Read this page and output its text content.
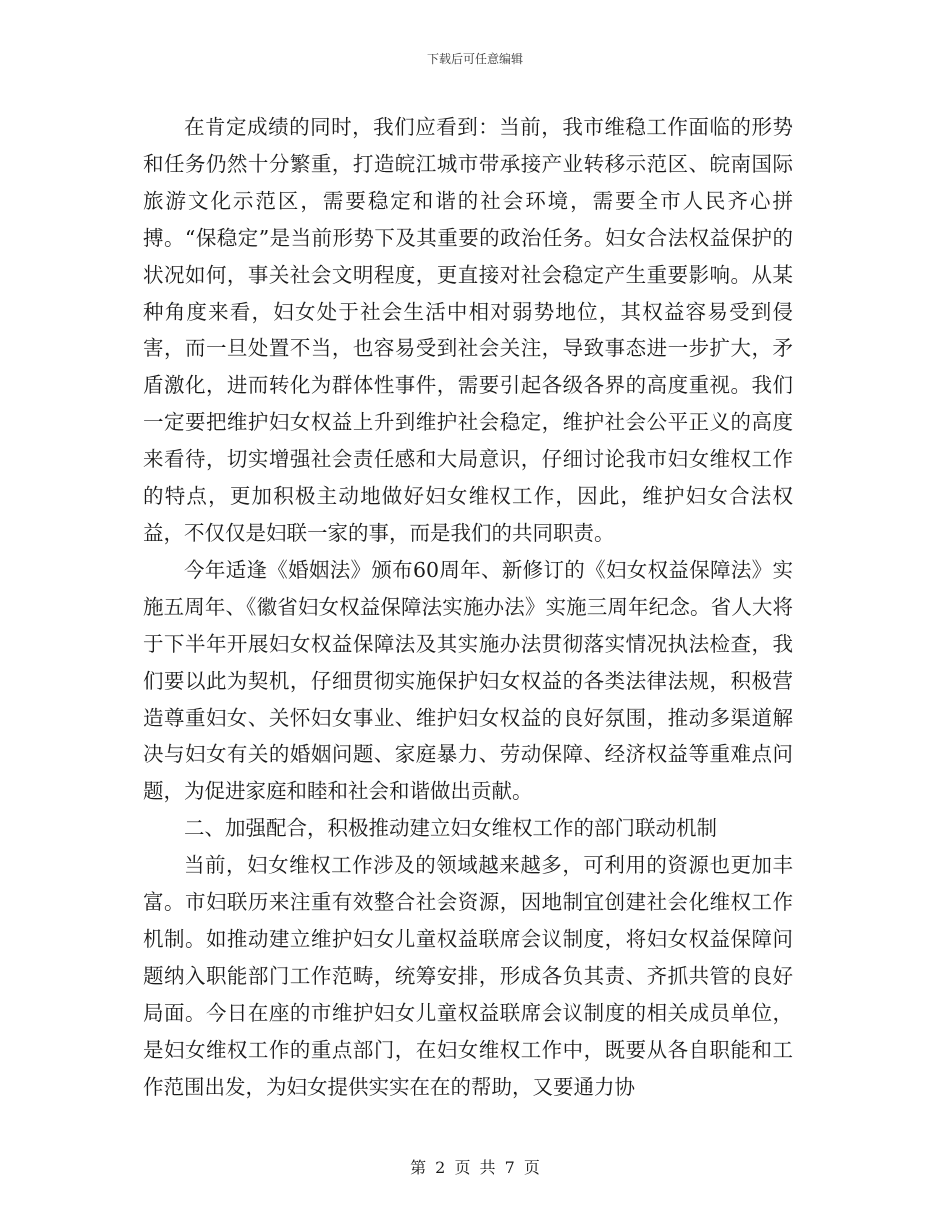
下载后可任意编辑

在肯定成绩的同时，我们应看到：当前，我市维稳工作面临的形势和任务仍然十分繁重，打造皖江城市带承接产业转移示范区、皖南国际旅游文化示范区，需要稳定和谐的社会环境，需要全市人民齐心拼搏。“保稳定”是当前形势下及其重要的政治任务。妇女合法权益保护的状况如何，事关社会文明程度，更直接对社会稳定产生重要影响。从某种角度来看，妇女处于社会生活中相对弱势地位，其权益容易受到侵害，而一旦处置不当，也容易受到社会关注，导致事态进一步扩大，矛盾激化，进而转化为群体性事件，需要引起各级各界的高度重视。我们一定要把维护妇女权益上升到维护社会稳定，维护社会公平正义的高度来看待，切实增强社会责任感和大局意识，仔细讨论我市妇女维权工作的特点，更加积极主动地做好妇女维权工作，因此，维护妇女合法权益，不仅仅是妇联一家的事，而是我们的共同职责。

今年适逢《婚姻法》颁布60周年、新修订的《妇女权益保障法》实施五周年、《徽省妇女权益保障法实施办法》实施三周年纪念。省人大将于下半年开展妇女权益保障法及其实施办法贯彻落实情况执法检查，我们要以此为契机，仔细贯彻实施保护妇女权益的各类法律法规，积极营造尊重妇女、关怀妇女事业、维护妇女权益的良好氛围，推动多渠道解决与妇女有关的婚姻问题、家庭暴力、劳动保障、经济权益等重难点问题，为促进家庭和睦和社会和谐做出贡献。

二、加强配合，积极推动建立妇女维权工作的部门联动机制

当前，妇女维权工作涉及的领域越来越多，可利用的资源也更加丰富。市妇联历来注重有效整合社会资源，因地制宜创建社会化维权工作机制。如推动建立维护妇女儿童权益联席会议制度，将妇女权益保障问题纳入职能部门工作范畴，统筹安排，形成各负其责、齐抓共管的良好局面。今日在座的市维护妇女儿童权益联席会议制度的相关成员单位，是妇女维权工作的重点部门，在妇女维权工作中，既要从各自职能和工作范围出发，为妇女提供实实在在的帮助，又要通力协

第 2 页 共 7 页
